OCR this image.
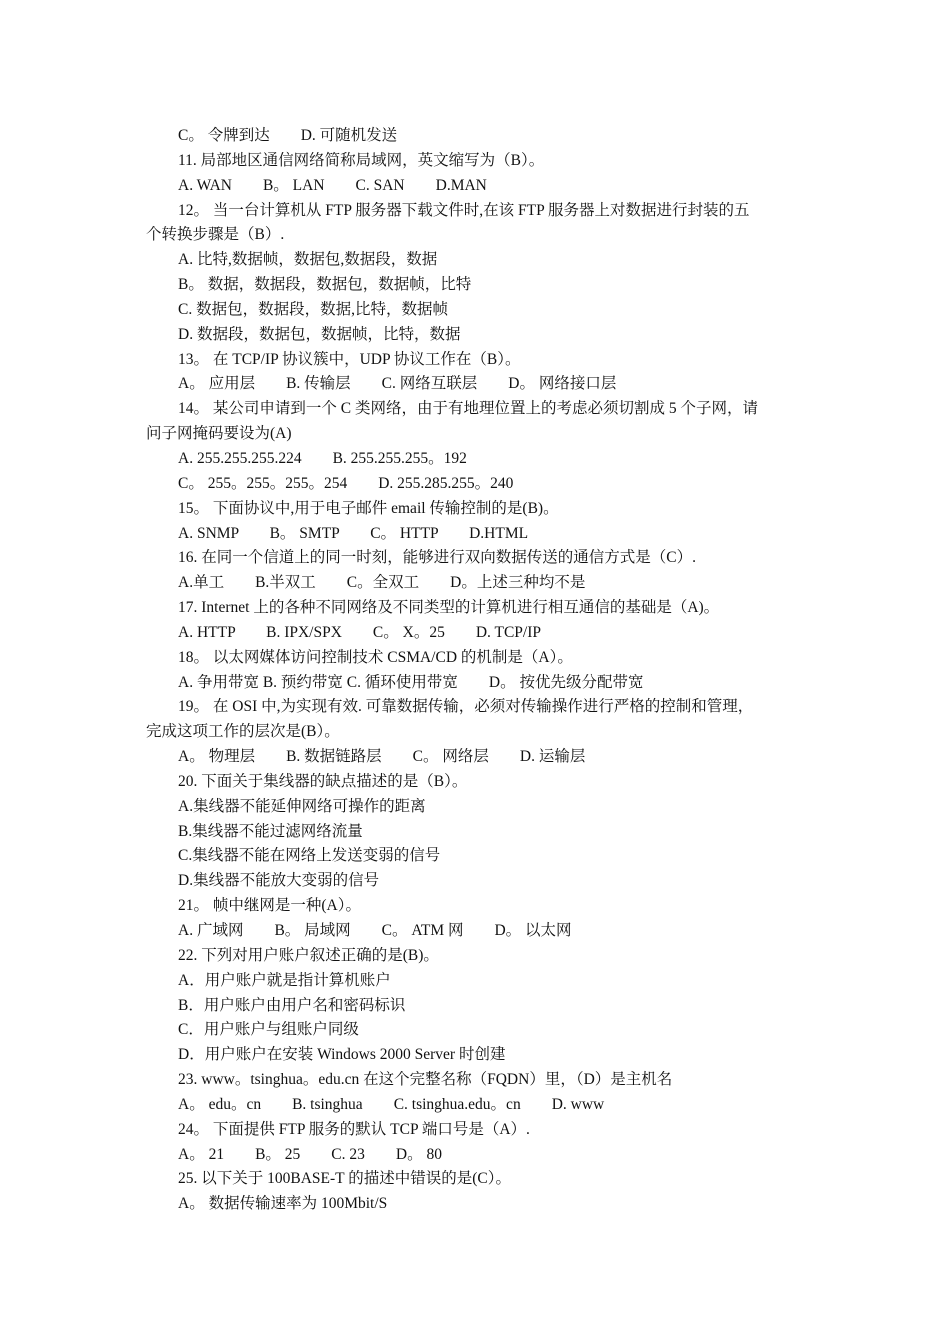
C。 令牌到达　　D. 可随机发送
11. 局部地区通信网络简称局域网，英文缩写为（B）。
A. WAN　　B。 LAN　　C. SAN　　D.MAN
12。 当一台计算机从 FTP 服务器下载文件时,在该 FTP 服务器上对数据进行封装的五
个转换步骤是（B）.
A. 比特,数据帧，数据包,数据段，数据
B。 数据，数据段，数据包，数据帧，比特
C. 数据包，数据段，数据,比特，数据帧
D. 数据段，数据包，数据帧，比特，数据
13。 在 TCP/IP 协议簇中，UDP 协议工作在（B）。
A。 应用层　　B. 传输层　　C. 网络互联层　　D。 网络接口层
14。 某公司申请到一个 C 类网络，由于有地理位置上的考虑必须切割成 5 个子网，请
问子网掩码要设为(A)
A. 255.255.255.224　　B. 255.255.255。192
C。 255。255。255。254　　D. 255.285.255。240
15。 下面协议中,用于电子邮件 email 传输控制的是(B)。
A. SNMP　　B。 SMTP　　C。 HTTP　　D.HTML
16. 在同一个信道上的同一时刻，能够进行双向数据传送的通信方式是（C）.
A.单工　　B.半双工　　C。全双工　　D。上述三种均不是
17. Internet 上的各种不同网络及不同类型的计算机进行相互通信的基础是（A)。
A. HTTP　　B. IPX/SPX　　C。 X。25　　D. TCP/IP
18。 以太网媒体访问控制技术 CSMA/CD 的机制是（A）。
A. 争用带宽 B. 预约带宽 C. 循环使用带宽　　D。 按优先级分配带宽
19。 在 OSI 中,为实现有效. 可靠数据传输，必须对传输操作进行严格的控制和管理，
完成这项工作的层次是(B）。
A。 物理层　　B. 数据链路层　　C。 网络层　　D. 运输层
20. 下面关于集线器的缺点描述的是（B）。
A.集线器不能延伸网络可操作的距离
B.集线器不能过滤网络流量
C.集线器不能在网络上发送变弱的信号
D.集线器不能放大变弱的信号
21。 帧中继网是一种(A）。
A. 广域网　　B。 局域网　　C。 ATM 网　　D。 以太网
22. 下列对用户账户叙述正确的是(B)。
A．用户账户就是指计算机账户
B．用户账户由用户名和密码标识
C．用户账户与组账户同级
D．用户账户在安装 Windows 2000 Server 时创建
23. www。tsinghua。edu.cn 在这个完整名称（FQDN）里，（D）是主机名
A。 edu。cn　　B. tsinghua　　C. tsinghua.edu。cn　　D. www
24。 下面提供 FTP 服务的默认 TCP 端口号是（A）.
A。 21　　B。 25　　C. 23　　D。 80
25. 以下关于 100BASE-T 的描述中错误的是(C）。
A。 数据传输速率为 100Mbit/S
